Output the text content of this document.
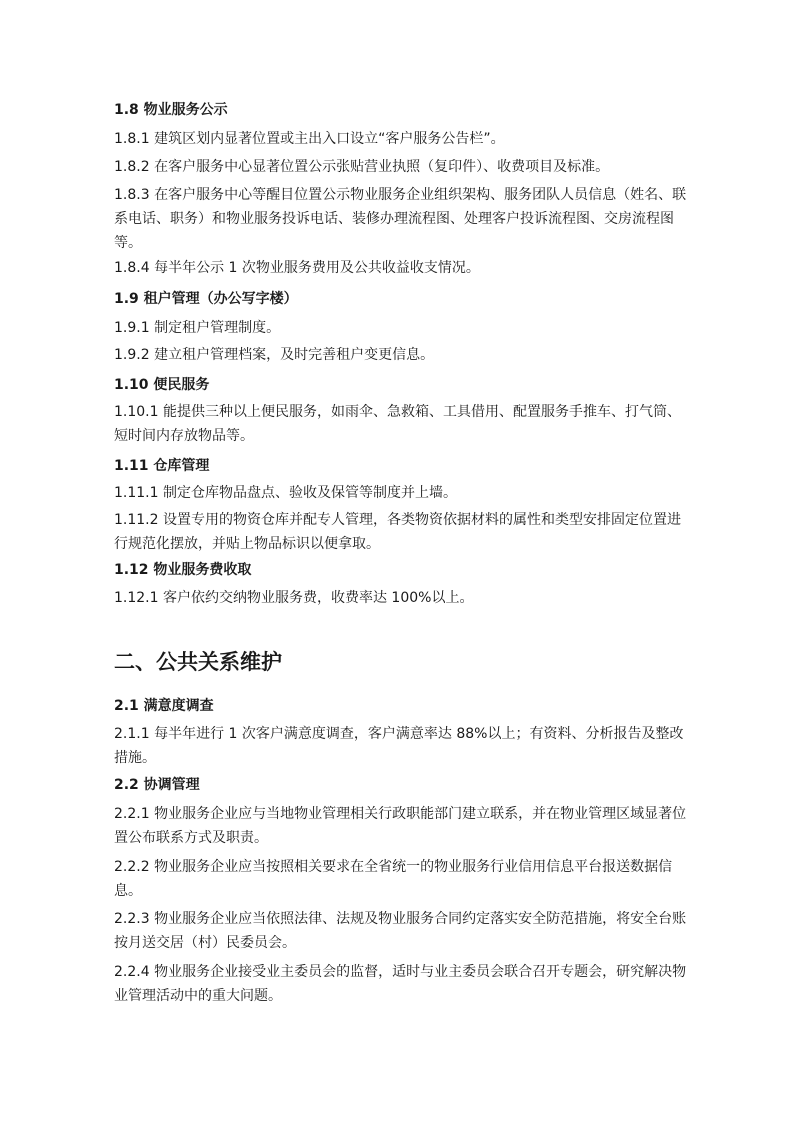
1.8 物业服务公示
1.8.1 建筑区划内显著位置或主出入口设立“客户服务公告栏”。
1.8.2 在客户服务中心显著位置公示张贴营业执照（复印件）、收费项目及标准。
1.8.3 在客户服务中心等醒目位置公示物业服务企业组织架构、服务团队人员信息（姓名、联系电话、职务）和物业服务投诉电话、装修办理流程图、处理客户投诉流程图、交房流程图等。
1.8.4 每半年公示 1 次物业服务费用及公共收益收支情况。
1.9 租户管理（办公写字楼）
1.9.1 制定租户管理制度。
1.9.2 建立租户管理档案，及时完善租户变更信息。
1.10 便民服务
1.10.1 能提供三种以上便民服务，如雨伞、急救箱、工具借用、配置服务手推车、打气筒、短时间内存放物品等。
1.11 仓库管理
1.11.1 制定仓库物品盘点、验收及保管等制度并上墙。
1.11.2 设置专用的物资仓库并配专人管理，各类物资依据材料的属性和类型安排固定位置进行规范化摆放，并贴上物品标识以便拿取。
1.12 物业服务费收取
1.12.1 客户依约交纳物业服务费，收费率达 100%以上。
二、公共关系维护
2.1 满意度调查
2.1.1 每半年进行 1 次客户满意度调查，客户满意率达 88%以上；有资料、分析报告及整改措施。
2.2 协调管理
2.2.1 物业服务企业应与当地物业管理相关行政职能部门建立联系，并在物业管理区域显著位置公布联系方式及职责。
2.2.2 物业服务企业应当按照相关要求在全省统一的物业服务行业信用信息平台报送数据信息。
2.2.3 物业服务企业应当依照法律、法规及物业服务合同约定落实安全防范措施，将安全台账按月送交居（村）民委员会。
2.2.4 物业服务企业接受业主委员会的监督，适时与业主委员会联合召开专题会，研究解决物业管理活动中的重大问题。
